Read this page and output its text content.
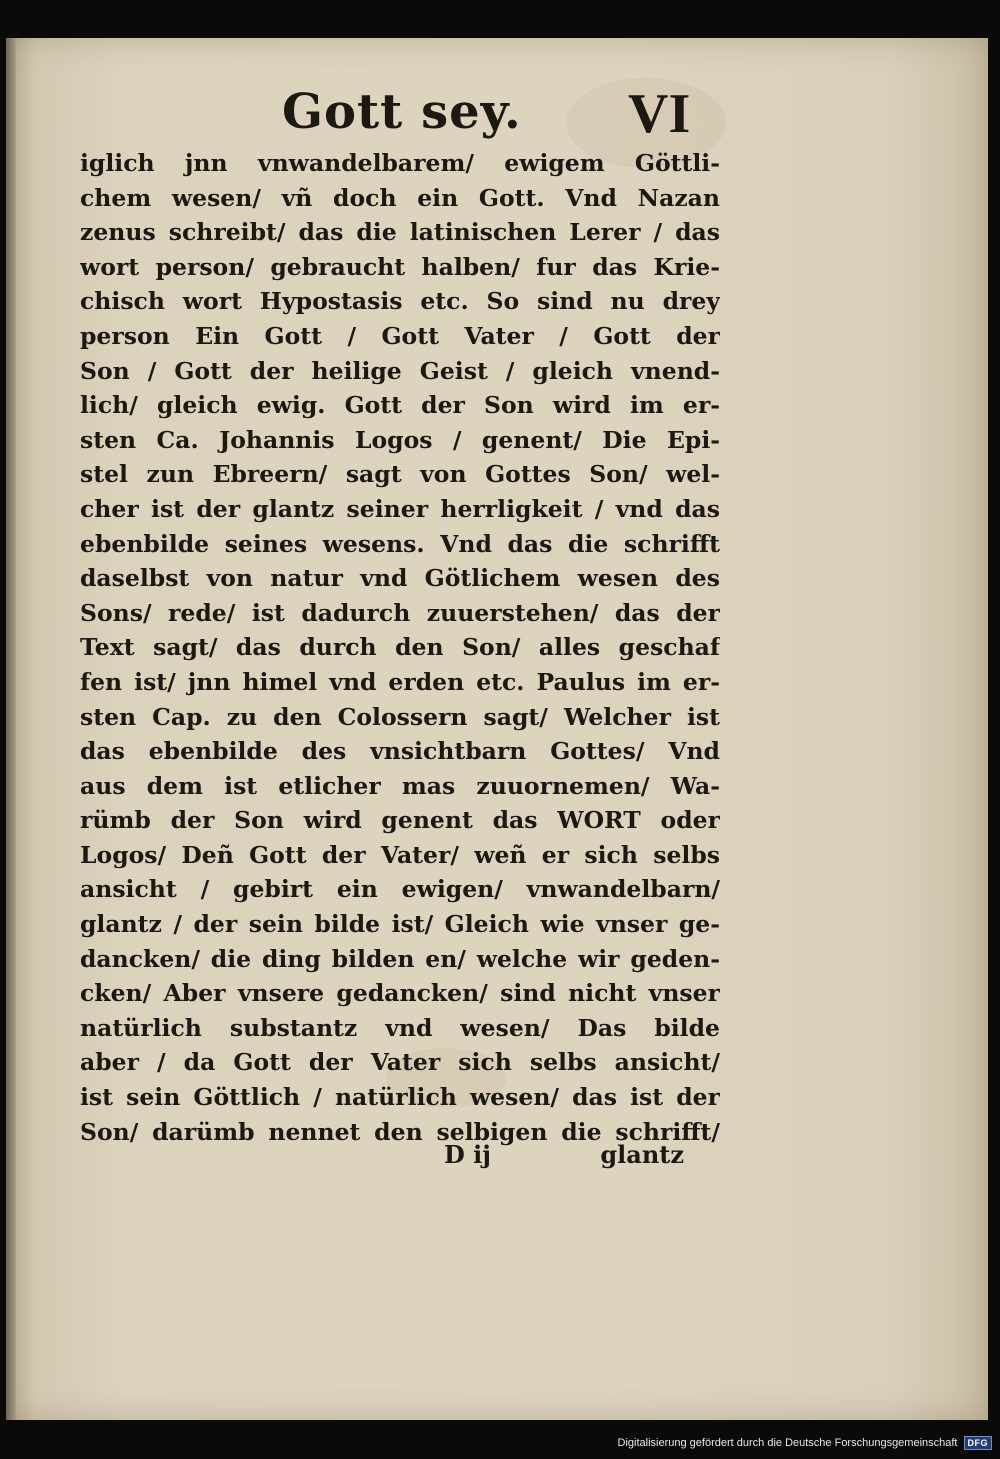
Gott sey. VI
iglich jnn vnwandelbarem/ ewigem Göttli-
chem wesen/ vñ doch ein Gott. Vnd Nazan
zenus schreibt/ das die latinischen Lerer / das
wort person/ gebraucht halben/ fur das Krie-
chisch wort Hypostasis etc. So sind nu drey
person Ein Gott / Gott Vater / Gott der
Son / Gott der heilige Geist / gleich vnend-
lich/ gleich ewig. Gott der Son wird im er-
sten Ca. Johannis Logos / genent/ Die Epi-
stel zun Ebreern/ sagt von Gottes Son/ wel-
cher ist der glantz seiner herrligkeit / vnd das
ebenbilde seines wesens. Vnd das die schrifft
daselbst von natur vnd Götlichem wesen des
Sons/ rede/ ist dadurch zuuerstehen/ das der
Text sagt/ das durch den Son/ alles geschaf
fen ist/ jnn himel vnd erden etc. Paulus im er-
sten Cap. zu den Colossern sagt/ Welcher ist
das ebenbilde des vnsichtbarn Gottes/ Vnd
aus dem ist etlicher mas zuuornemen/ Wa-
rümb der Son wird genent das WORT oder
Logos/ Deñ Gott der Vater/ weñ er sich selbs
ansicht / gebirt ein ewigen/ vnwandelbarn/
glantz / der sein bilde ist/ Gleich wie vnser ge-
dancken/ die ding bilden en/ welche wir geden-
cken/ Aber vnsere gedancken/ sind nicht vnser
natürlich substantz vnd wesen/ Das bilde
aber / da Gott der Vater sich selbs ansicht/
ist sein Göttlich / natürlich wesen/ das ist der
Son/ darümb nennet den selbigen die schrifft/
D ij	glantz
Digitalisierung gefördert durch die Deutsche Forschungsgemeinschaft	DFG
